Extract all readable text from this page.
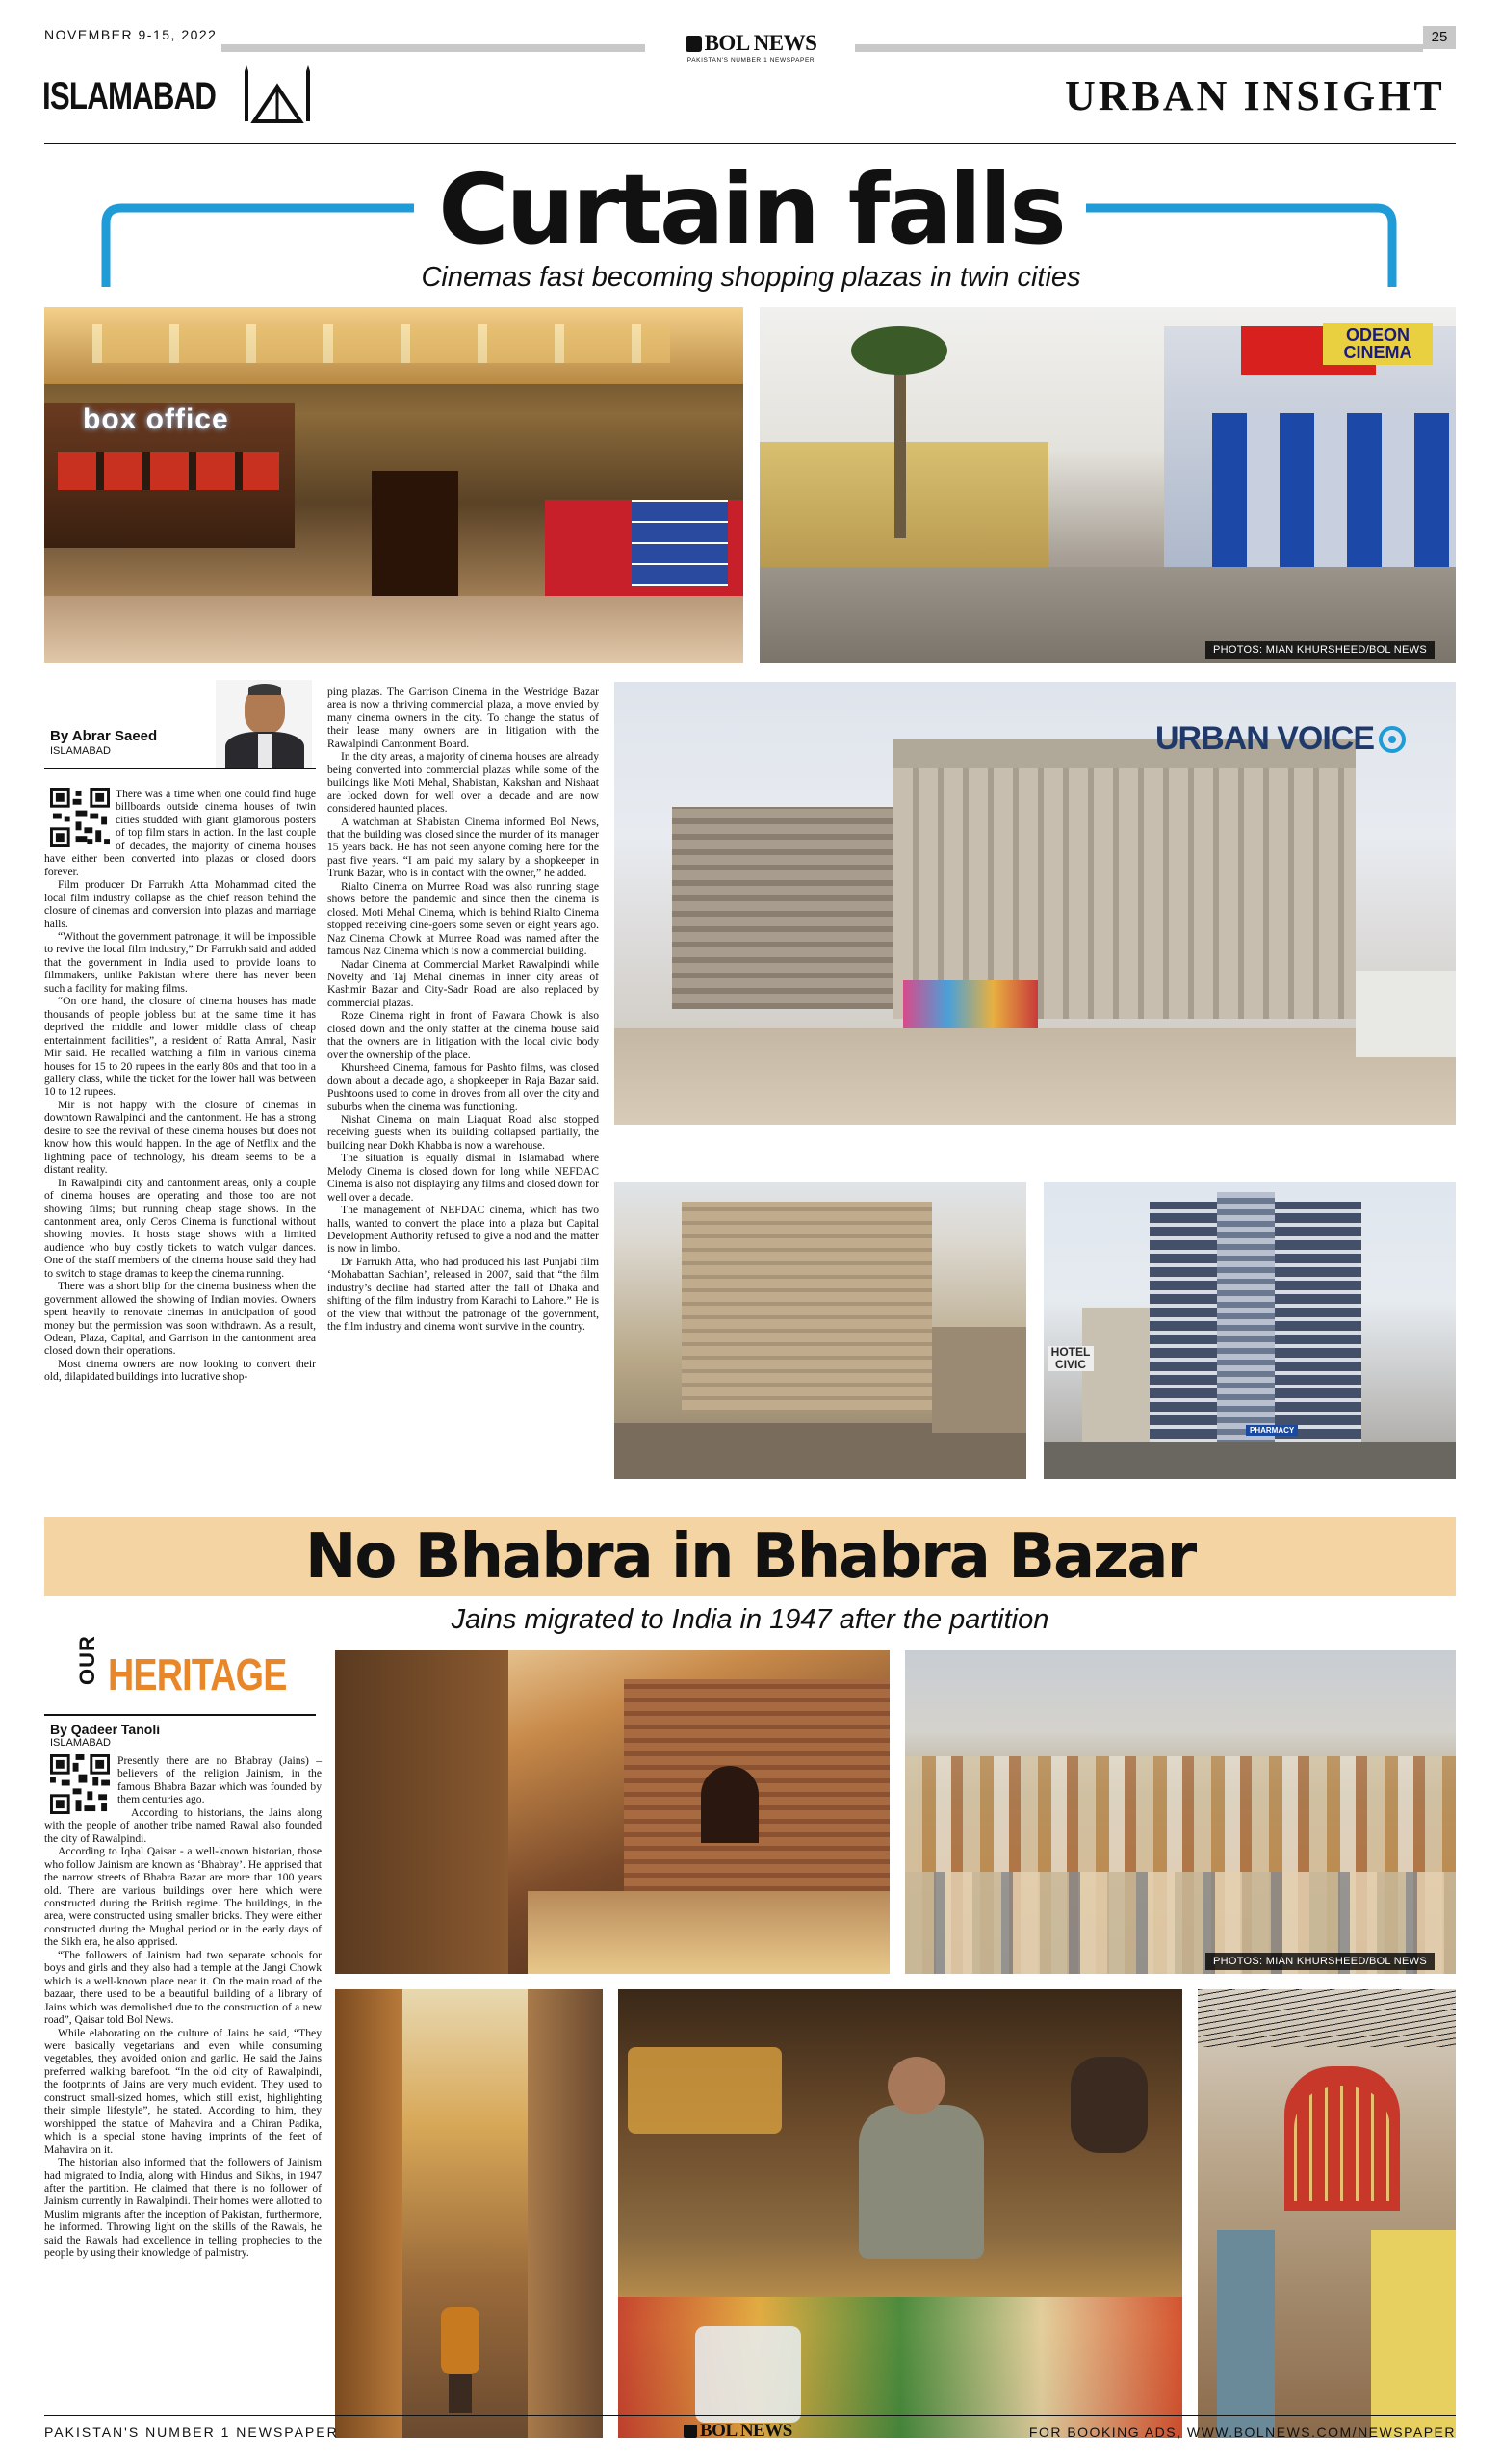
NOVEMBER 9-15, 2022	BOL NEWS
PAKISTAN'S NUMBER 1 NEWSPAPER
25
ISLAMABAD	URBAN INSIGHT
Curtain falls
Cinemas fast becoming shopping plazas in twin cities
box office
ODEON CINEMA
PHOTOS: MIAN KHURSHEED/BOL NEWS
By Abrar Saeed
ISLAMABAD

There was a time when one could find huge billboards outside cinema houses of twin cities studded with giant glamorous posters of top film stars in action. In the last couple of decades, the majority of cinema houses have either been converted into plazas or closed doors forever.

Film producer Dr Farrukh Atta Mohammad cited the local film industry collapse as the chief reason behind the closure of cinemas and conversion into plazas and marriage halls.

“Without the government patronage, it will be impossible to revive the local film industry,” Dr Farrukh said and added that the government in India used to provide loans to filmmakers, unlike Pakistan where there has never been such a facility for making films.

“On one hand, the closure of cinema houses has made thousands of people jobless but at the same time it has deprived the middle and lower middle class of cheap entertainment facilities”, a resident of Ratta Amral, Nasir Mir said. He recalled watching a film in various cinema houses for 15 to 20 rupees in the early 80s and that too in a gallery class, while the ticket for the lower hall was between 10 to 12 rupees.

Mir is not happy with the closure of cinemas in downtown Rawalpindi and the cantonment. He has a strong desire to see the revival of these cinema houses but does not know how this would happen. In the age of Netflix and the lightning pace of technology, his dream seems to be a distant reality.

In Rawalpindi city and cantonment areas, only a couple of cinema houses are operating and those too are not showing films; but running cheap stage shows. In the cantonment area, only Ceros Cinema is functional without showing movies. It hosts stage shows with a limited audience who buy costly tickets to watch vulgar dances. One of the staff members of the cinema house said they had to switch to stage dramas to keep the cinema running.

There was a short blip for the cinema business when the government allowed the showing of Indian movies. Owners spent heavily to renovate cinemas in anticipation of good money but the permission was soon withdrawn. As a result, Odean, Plaza, Capital, and Garrison in the cantonment area closed down their operations.

Most cinema owners are now looking to convert their old, dilapidated buildings into lucrative shop-

ping plazas. The Garrison Cinema in the Westridge Bazar area is now a thriving commercial plaza, a move envied by many cinema owners in the city. To change the status of their lease many owners are in litigation with the Rawalpindi Cantonment Board.

In the city areas, a majority of cinema houses are already being converted into commercial plazas while some of the buildings like Moti Mehal, Shabistan, Kakshan and Nishaat are locked down for well over a decade and are now considered haunted places.

A watchman at Shabistan Cinema informed Bol News, that the building was closed since the murder of its manager 15 years back. He has not seen anyone coming here for the past five years. “I am paid my salary by a shopkeeper in Trunk Bazar, who is in contact with the owner,” he added.

Rialto Cinema on Murree Road was also running stage shows before the pandemic and since then the cinema is closed. Moti Mehal Cinema, which is behind Rialto Cinema stopped receiving cine-goers some seven or eight years ago. Naz Cinema Chowk at Murree Road was named after the famous Naz Cinema which is now a commercial building.

Nadar Cinema at Commercial Market Rawalpindi while Novelty and Taj Mehal cinemas in inner city areas of Kashmir Bazar and City-Sadr Road are also replaced by commercial plazas.

Roze Cinema right in front of Fawara Chowk is also closed down and the only staffer at the cinema house said that the owners are in litigation with the local civic body over the ownership of the place.

Khursheed Cinema, famous for Pashto films, was closed down about a decade ago, a shopkeeper in Raja Bazar said. Pushtoons used to come in droves from all over the city and suburbs when the cinema was functioning.

Nishat Cinema on main Liaquat Road also stopped receiving guests when its building collapsed partially, the building near Dokh Khabba is now a warehouse.

The situation is equally dismal in Islamabad where Melody Cinema is closed down for long while NEFDAC Cinema is also not displaying any films and closed down for well over a decade.

The management of NEFDAC cinema, which has two halls, wanted to convert the place into a plaza but Capital Development Authority refused to give a nod and the matter is now in limbo.

Dr Farrukh Atta, who had produced his last Punjabi film ‘Mohabattan Sachian’, released in 2007, said that “the film industry’s decline had started after the fall of Dhaka and shifting of the film industry from Karachi to Lahore.” He is of the view that without the patronage of the government, the film industry and cinema won't survive in the country.

URBAN VOICE
HOTEL CIVIC
PHARMACY
No Bhabra in Bhabra Bazar
Jains migrated to India in 1947 after the partition
OUR HERITAGE
By Qadeer Tanoli
ISLAMABAD

Presently there are no Bhabray (Jains) – believers of the religion Jainism, in the famous Bhabra Bazar which was founded by them centuries ago.

According to historians, the Jains along with the people of another tribe named Rawal also founded the city of Rawalpindi.

According to Iqbal Qaisar - a well-known historian, those who follow Jainism are known as ‘Bhabray’. He apprised that the narrow streets of Bhabra Bazar are more than 100 years old. There are various buildings over here which were constructed during the British regime. The buildings, in the area, were constructed using smaller bricks. They were either constructed during the Mughal period or in the early days of the Sikh era, he also apprised.

“The followers of Jainism had two separate schools for boys and girls and they also had a temple at the Jangi Chowk which is a well-known place near it. On the main road of the bazaar, there used to be a beautiful building of a library of Jains which was demolished due to the construction of a new road”, Qaisar told Bol News.

While elaborating on the culture of Jains he said, “They were basically vegetarians and even while consuming vegetables, they avoided onion and garlic. He said the Jains preferred walking barefoot. “In the old city of Rawalpindi, the footprints of Jains are very much evident. They used to construct small-sized homes, which still exist, highlighting their simple lifestyle”, he stated. According to him, they worshipped the statue of Mahavira and a Chiran Padika, which is a special stone having imprints of the feet of Mahavira on it.

The historian also informed that the followers of Jainism had migrated to India, along with Hindus and Sikhs, in 1947 after the partition. He claimed that there is no follower of Jainism currently in Rawalpindi. Their homes were allotted to Muslim migrants after the inception of Pakistan, furthermore, he informed. Throwing light on the skills of the Rawals, he said the Rawals had excellence in telling prophecies to the people by using their knowledge of palmistry.

PHOTOS: MIAN KHURSHEED/BOL NEWS
PAKISTAN'S NUMBER 1 NEWSPAPER	BOL NEWS	FOR BOOKING ADS, WWW.BOLNEWS.COM/NEWSPAPER
